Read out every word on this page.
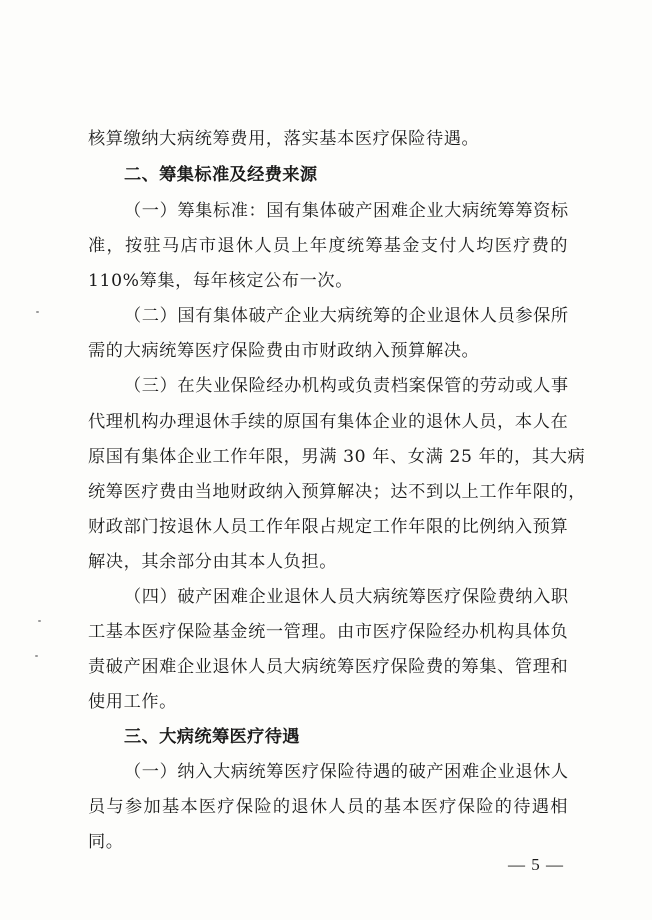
核算缴纳大病统筹费用，落实基本医疗保险待遇。
二、筹集标准及经费来源
（一）筹集标准：国有集体破产困难企业大病统筹筹资标
准，按驻马店市退休人员上年度统筹基金支付人均医疗费的
110%筹集，每年核定公布一次。
（二）国有集体破产企业大病统筹的企业退休人员参保所
需的大病统筹医疗保险费由市财政纳入预算解决。
（三）在失业保险经办机构或负责档案保管的劳动或人事
代理机构办理退休手续的原国有集体企业的退休人员，本人在
原国有集体企业工作年限，男满 30 年、女满 25 年的，其大病
统筹医疗费由当地财政纳入预算解决；达不到以上工作年限的，
财政部门按退休人员工作年限占规定工作年限的比例纳入预算
解决，其余部分由其本人负担。
（四）破产困难企业退休人员大病统筹医疗保险费纳入职
工基本医疗保险基金统一管理。由市医疗保险经办机构具体负
责破产困难企业退休人员大病统筹医疗保险费的筹集、管理和
使用工作。
三、大病统筹医疗待遇
（一）纳入大病统筹医疗保险待遇的破产困难企业退休人
员与参加基本医疗保险的退休人员的基本医疗保险的待遇相
同。
— 5 —
